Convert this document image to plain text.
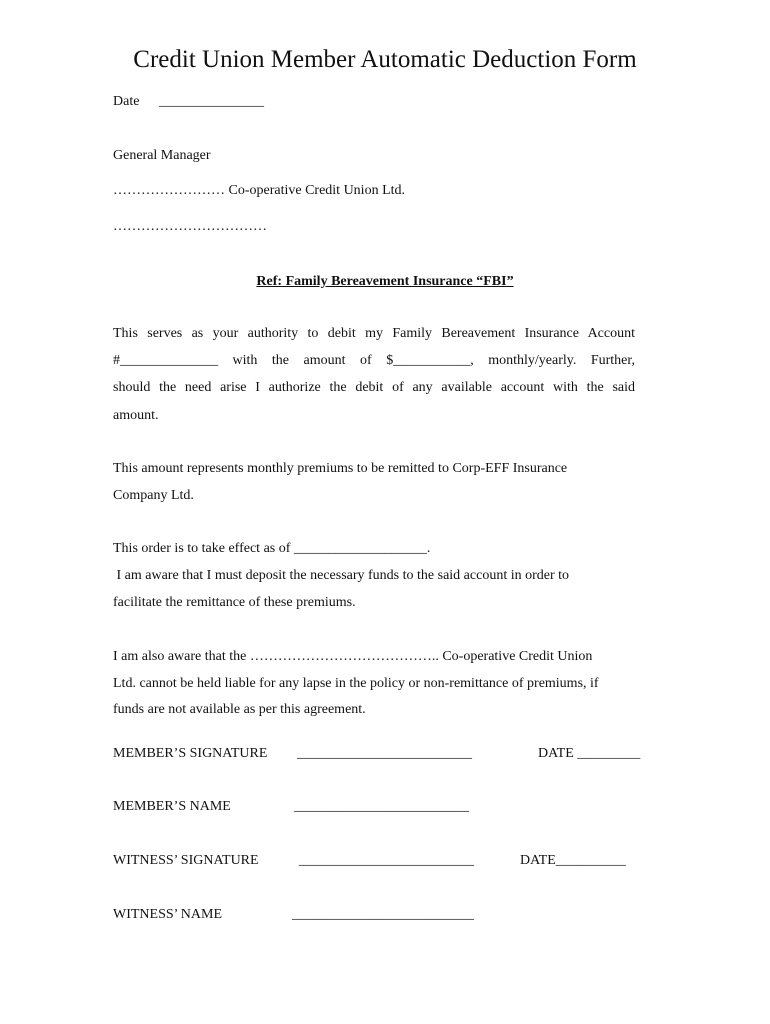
Credit Union Member Automatic Deduction Form
Date _______________
General Manager
…………………… Co-operative Credit Union Ltd.
……………………………
Ref: Family Bereavement Insurance “FBI”
This serves as your authority to debit my Family Bereavement Insurance Account
#______________ with the amount of $___________, monthly/yearly. Further,
should the need arise I authorize the debit of any available account with the said
amount.
This amount represents monthly premiums to be remitted to Corp-EFF Insurance
Company Ltd.
This order is to take effect as of ___________________.
I am aware that I must deposit the necessary funds to the said account in order to
facilitate the remittance of these premiums.
I am also aware that the ………………………………….. Co-operative Credit Union
Ltd. cannot be held liable for any lapse in the policy or non-remittance of premiums, if
funds are not available as per this agreement.
MEMBER’S SIGNATURE _________________________	DATE _________
MEMBER’S NAME	_________________________
WITNESS’ SIGNATURE	_________________________	DATE__________
WITNESS’ NAME	__________________________
